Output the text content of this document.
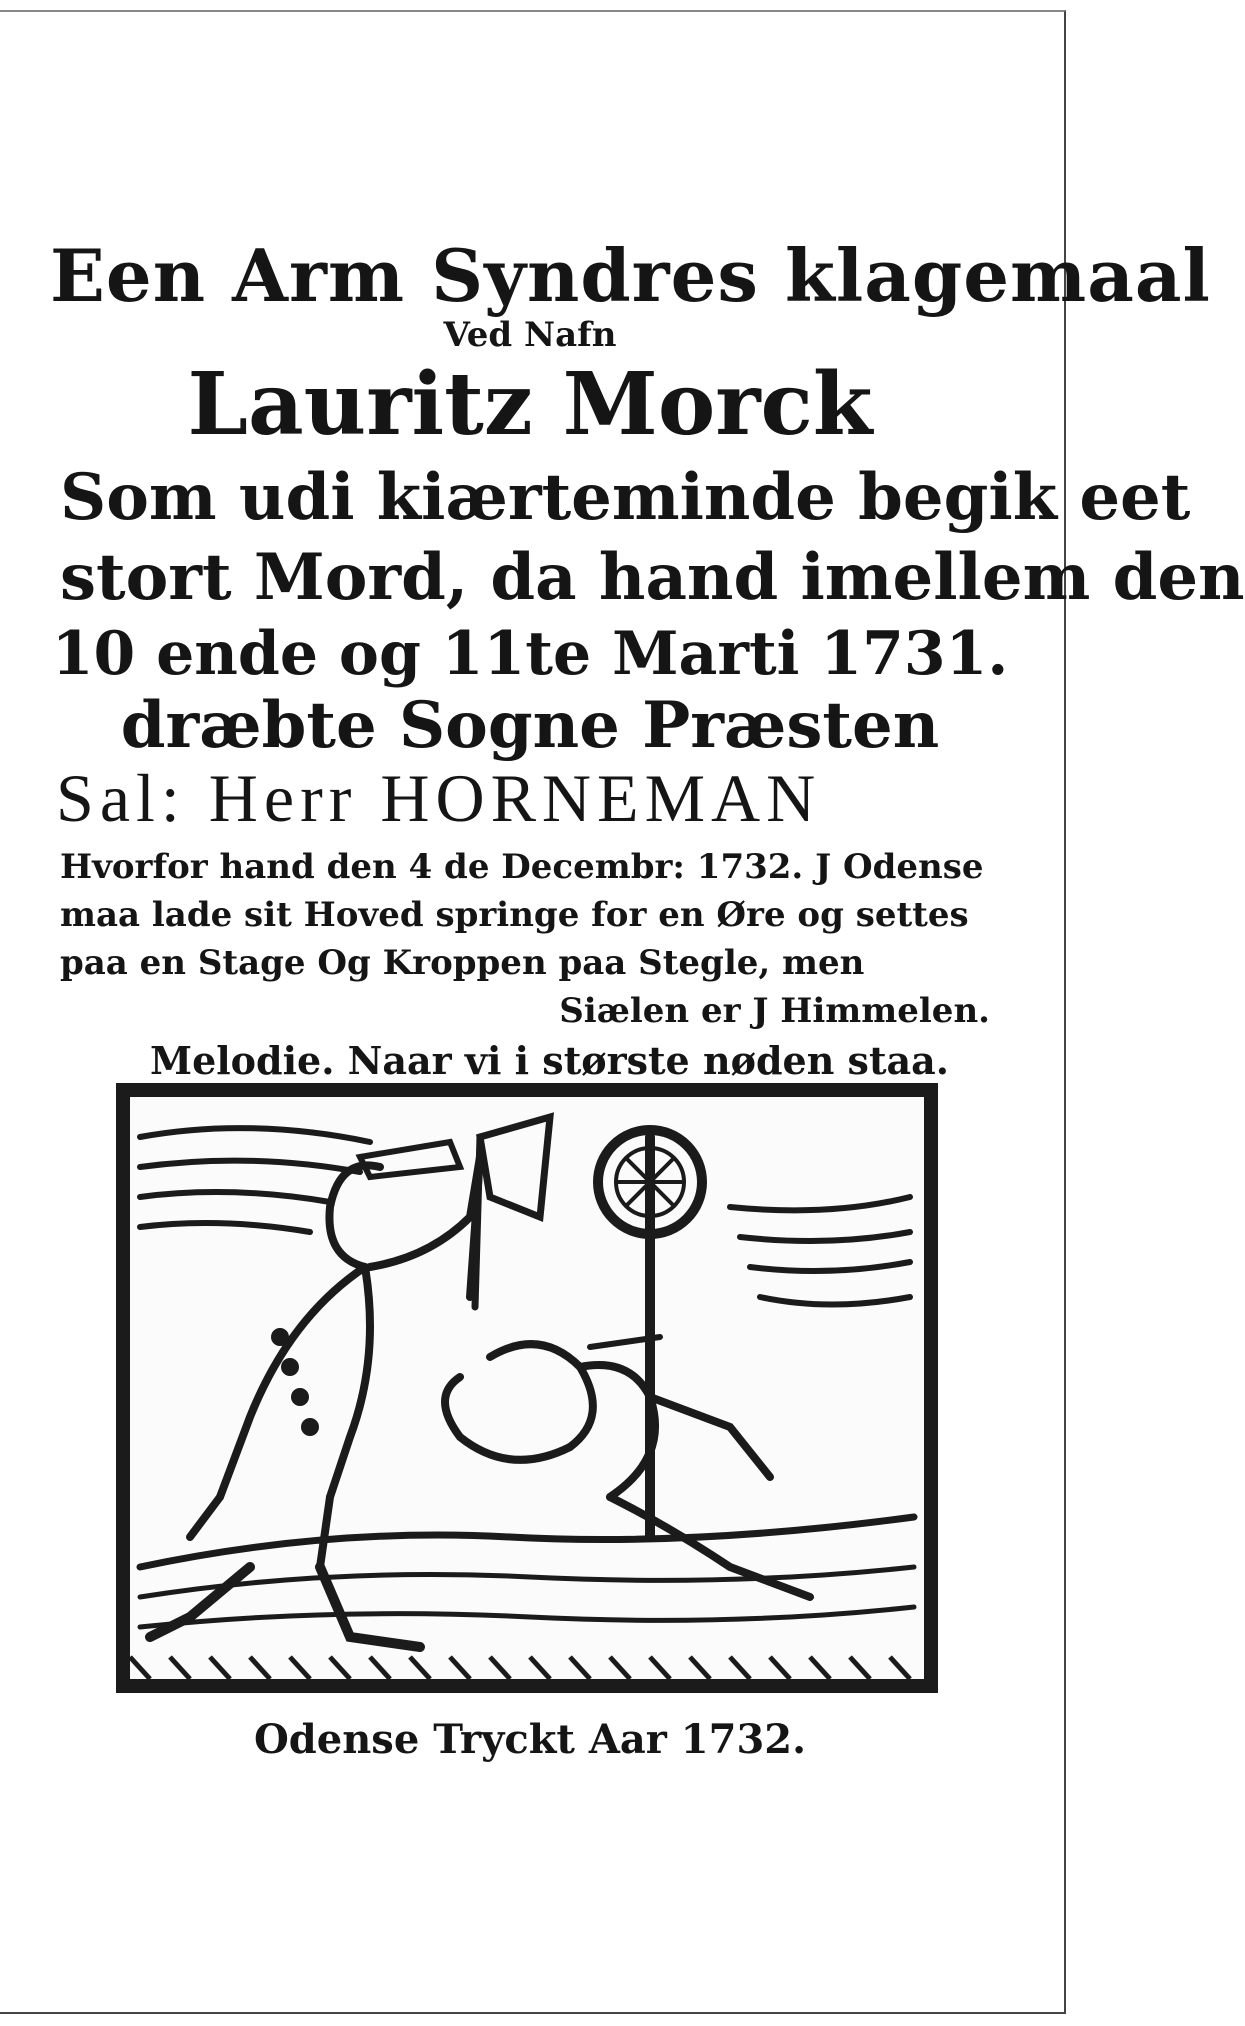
Een Arm Syndres klagemaal
Ved Nafn
Lauritz Morck
Som udi kiærteminde begik eet
stort Mord, da hand imellem den
10 ende og 11te Marti 1731.
dræbte Sogne Præsten
Sal: Herr HORNEMAN
Hvorfor hand den 4 de Decembr: 1732. J Odense
maa lade sit Hoved springe for en Øre og settes
paa en Stage Og Kroppen paa Stegle, men
Siælen er J Himmelen.
Melodie. Naar vi i største nøden staa.
Odense Tryckt Aar 1732.
